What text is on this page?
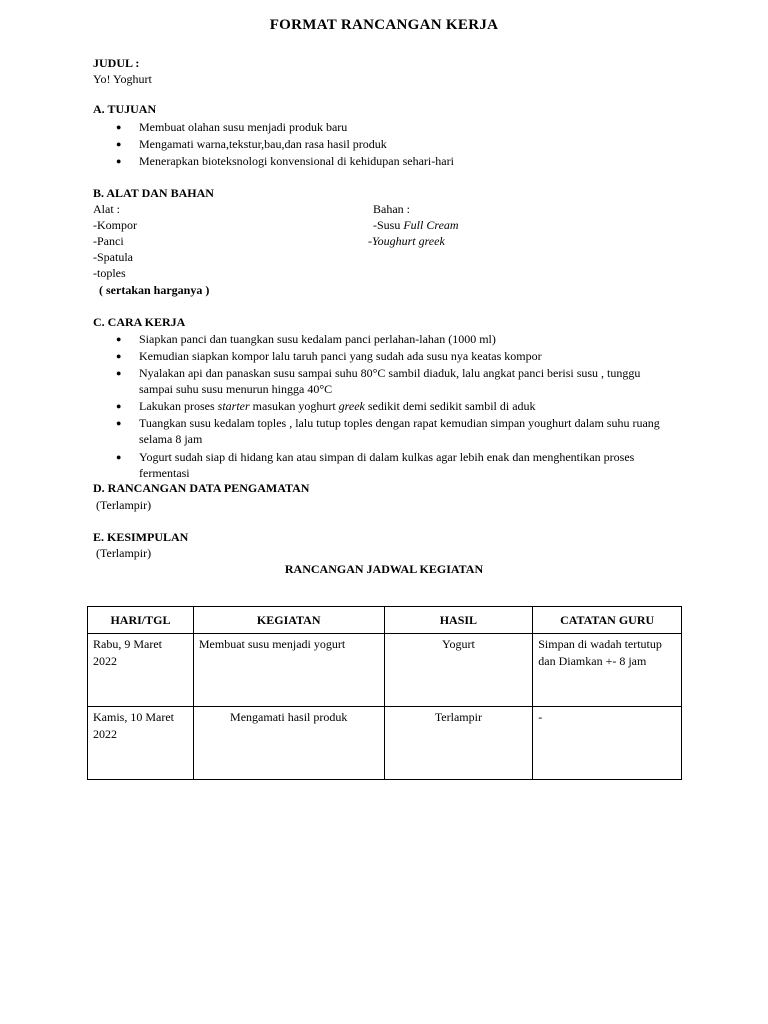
FORMAT RANCANGAN KERJA
JUDUL :
Yo! Yoghurt
A. TUJUAN
● Membuat olahan susu menjadi produk baru
● Mengamati warna,tekstur,bau,dan rasa hasil produk
● Menerapkan bioteksnologi konvensional di kehidupan sehari-hari
B. ALAT DAN BAHAN
Alat :
-Kompor
-Panci
-Spatula
-toples
( sertakan harganya )
Bahan :
-Susu Full Cream
-Youghurt greek
C. CARA KERJA
● Siapkan panci dan tuangkan susu kedalam panci perlahan-lahan (1000 ml)
● Kemudian siapkan kompor lalu taruh panci yang sudah ada susu nya keatas kompor
● Nyalakan api dan panaskan susu sampai suhu 80°C sambil diaduk, lalu angkat panci berisi susu , tunggu sampai suhu susu menurun hingga 40°C
● Lakukan proses starter masukan yoghurt greek sedikit demi sedikit sambil di aduk
● Tuangkan susu kedalam toples , lalu tutup toples dengan rapat kemudian simpan youghurt dalam suhu ruang selama 8 jam
● Yogurt sudah siap di hidang kan atau simpan di dalam kulkas agar lebih enak dan menghentikan proses fermentasi
D. RANCANGAN DATA PENGAMATAN
(Terlampir)
E. KESIMPULAN
(Terlampir)
RANCANGAN JADWAL KEGIATAN
HARI/TGL	KEGIATAN	HASIL	CATATAN GURU
Rabu, 9 Maret 2022	Membuat susu menjadi yogurt	Yogurt	Simpan di wadah tertutup dan Diamkan +- 8 jam
Kamis, 10 Maret 2022	Mengamati hasil produk	Terlampir	-
